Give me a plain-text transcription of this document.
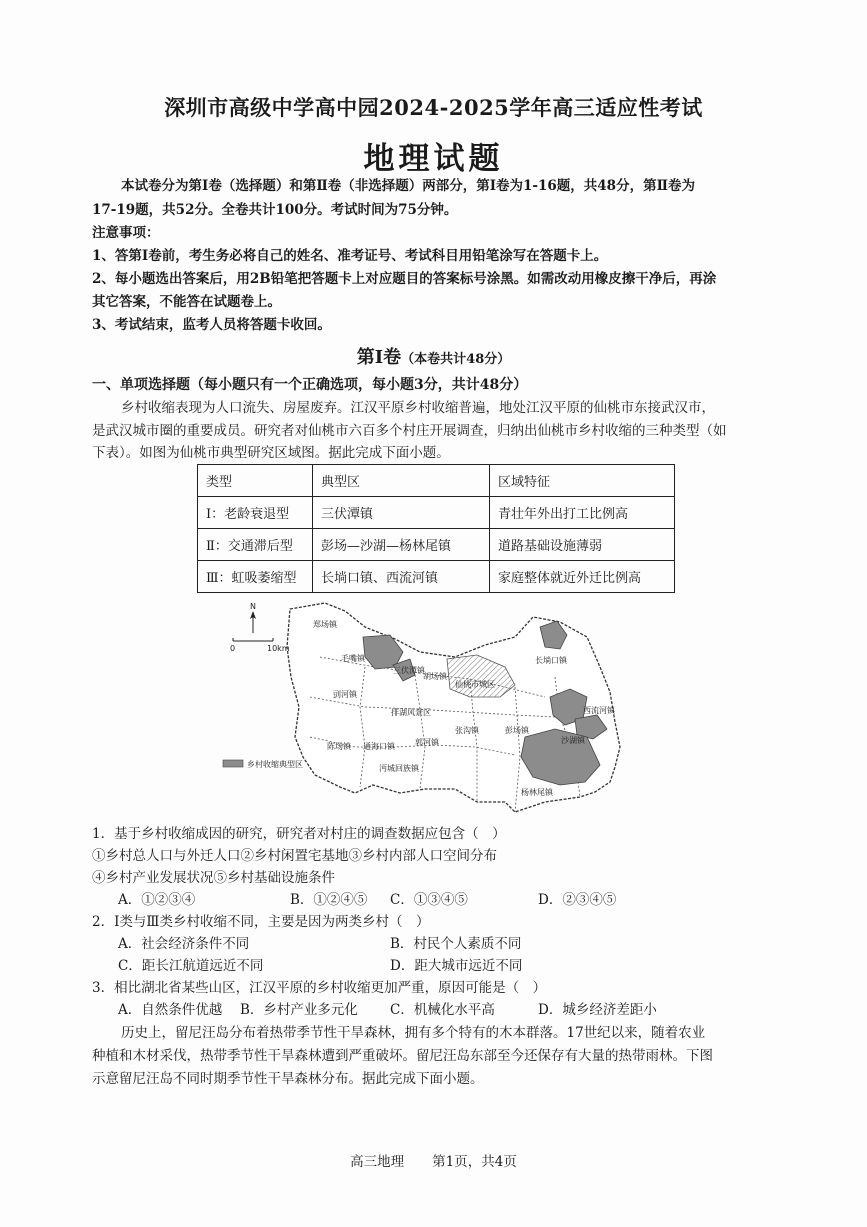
深圳市高级中学高中园2024-2025学年高三适应性考试
地理试题
本试卷分为第Ⅰ卷（选择题）和第Ⅱ卷（非选择题）两部分，第Ⅰ卷为1-16题，共48分，第Ⅱ卷为
17-19题，共52分。全卷共计100分。考试时间为75分钟。
注意事项：
1、答第Ⅰ卷前，考生务必将自己的姓名、准考证号、考试科目用铅笔涂写在答题卡上。
2、每小题选出答案后，用2B铅笔把答题卡上对应题目的答案标号涂黑。如需改动用橡皮擦干净后，再涂
其它答案，不能答在试题卷上。
3、考试结束，监考人员将答题卡收回。
第Ⅰ卷（本卷共计48分）
一、单项选择题（每小题只有一个正确选项，每小题3分，共计48分）
乡村收缩表现为人口流失、房屋废弃。江汉平原乡村收缩普遍，地处江汉平原的仙桃市东接武汉市，
是武汉城市圈的重要成员。研究者对仙桃市六百多个村庄开展调查，归纳出仙桃市乡村收缩的三种类型（如
下表）。如图为仙桃市典型研究区域图。据此完成下面小题。
类型	典型区	区域特征
Ⅰ：老龄衰退型	三伏潭镇	青壮年外出打工比例高
Ⅱ：交通滞后型	彭场—沙湖—杨林尾镇	道路基础设施薄弱
Ⅲ：虹吸萎缩型	长埫口镇、西流河镇	家庭整体就近外迁比例高
N
0	10km
乡村收缩典型区
郑场镇
毛嘴镇
三伏潭镇
胡场镇
仙桃市城区
长埫口镇
西流河镇
剅河镇
排湖风景区
张沟镇	彭场镇
沙湖镇
陈场镇 通海口镇	郭河镇
沔城回族镇
杨林尾镇
1．基于乡村收缩成因的研究，研究者对村庄的调查数据应包含（　）
①乡村总人口与外迁人口②乡村闲置宅基地③乡村内部人口空间分布
④乡村产业发展状况⑤乡村基础设施条件
A．①②③④	B．①②④⑤ C．①③④⑤	D．②③④⑤
2．Ⅰ类与Ⅲ类乡村收缩不同，主要是因为两类乡村（　）
A．社会经济条件不同	B．村民个人素质不同
C．距长江航道远近不同	D．距大城市远近不同
3．相比湖北省某些山区，江汉平原的乡村收缩更加严重，原因可能是（　）
A．自然条件优越 B．乡村产业多元化 C．机械化水平高	D．城乡经济差距小
历史上，留尼汪岛分布着热带季节性干旱森林，拥有多个特有的木本群落。17世纪以来，随着农业
种植和木材采伐，热带季节性干旱森林遭到严重破坏。留尼汪岛东部至今还保存有大量的热带雨林。下图
示意留尼汪岛不同时期季节性干旱森林分布。据此完成下面小题。
高三地理 第1页，共4页
